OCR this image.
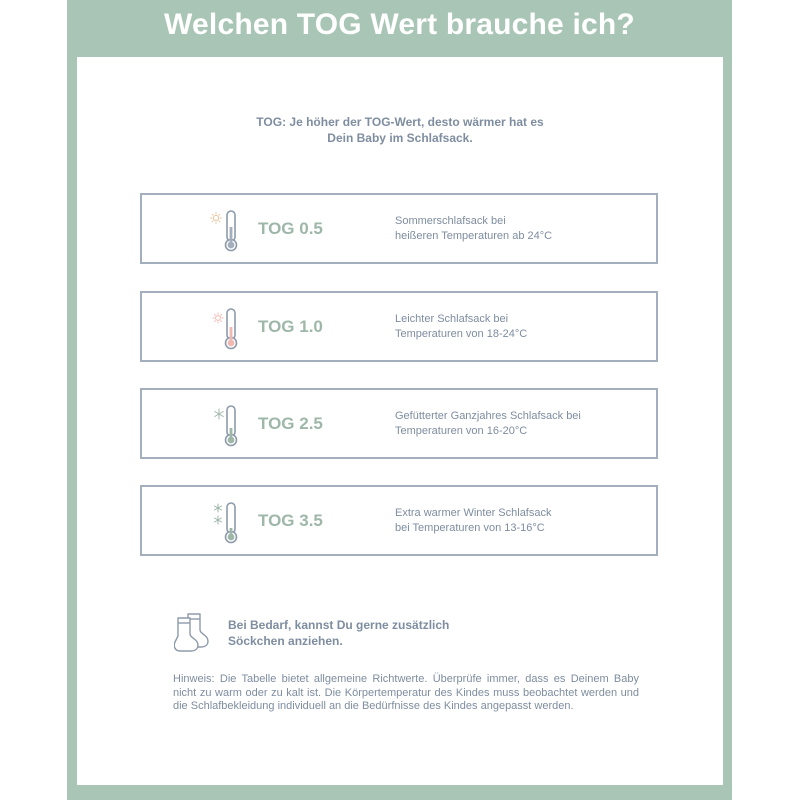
Welchen TOG Wert brauche ich?
TOG: Je höher der TOG-Wert, desto wärmer hat es
Dein Baby im Schlafsack.
TOG 0.5	Sommerschlafsack bei
heißeren Temperaturen ab 24°C
TOG 1.0	Leichter Schlafsack bei
Temperaturen von 18-24°C
TOG 2.5	Gefütterter Ganzjahres Schlafsack bei
Temperaturen von 16-20°C
TOG 3.5	Extra warmer Winter Schlafsack
bei Temperaturen von 13-16°C
Bei Bedarf, kannst Du gerne zusätzlich
Söckchen anziehen.
Hinweis: Die Tabelle bietet allgemeine Richtwerte. Überprüfe immer, dass es Deinem Baby nicht zu warm oder zu kalt ist. Die Körpertemperatur des Kindes muss beobachtet werden und die Schlafbekleidung individuell an die Bedürfnisse des Kindes angepasst werden.
